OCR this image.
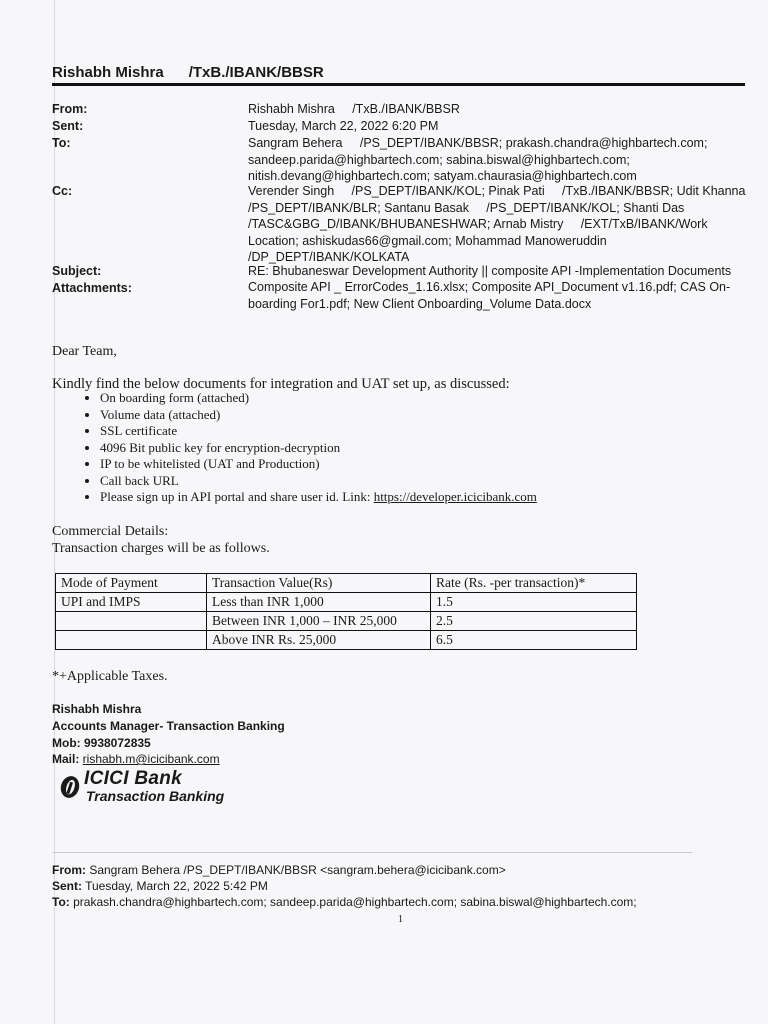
Rishabh Mishra /TxB./IBANK/BBSR
From:	Rishabh Mishra     /TxB./IBANK/BBSR
Sent:	Tuesday, March 22, 2022 6:20 PM
To:	Sangram Behera     /PS_DEPT/IBANK/BBSR; prakash.chandra@highbartech.com; sandeep.parida@highbartech.com; sabina.biswal@highbartech.com; nitish.devang@highbartech.com; satyam.chaurasia@highbartech.com
Cc:	Verender Singh     /PS_DEPT/IBANK/KOL; Pinak Pati     /TxB./IBANK/BBSR; Udit Khanna /PS_DEPT/IBANK/BLR; Santanu Basak     /PS_DEPT/IBANK/KOL; Shanti Das /TASC&GBG_D/IBANK/BHUBANESHWAR; Arnab Mistry     /EXT/TxB/IBANK/Work Location; ashiskudas66@gmail.com; Mohammad Manoweruddin /DP_DEPT/IBANK/KOLKATA
Subject:	RE: Bhubaneswar Development Authority || composite API -Implementation Documents
Attachments:	Composite API _ ErrorCodes_1.16.xlsx; Composite API_Document v1.16.pdf; CAS On-boarding For1.pdf; New Client Onboarding_Volume Data.docx
Dear Team,
Kindly find the below documents for integration and UAT set up, as discussed:
• On boarding form (attached)
• Volume data (attached)
• SSL certificate
• 4096 Bit public key for encryption-decryption
• IP to be whitelisted (UAT and Production)
• Call back URL
• Please sign up in API portal and share user id. Link: https://developer.icicibank.com
Commercial Details:
Transaction charges will be as follows.
Mode of Payment	Transaction Value(Rs)	Rate (Rs. -per transaction)*
UPI and IMPS	Less than INR 1,000	1.5
	Between INR 1,000 – INR 25,000	2.5
	Above INR Rs. 25,000	6.5
*+Applicable Taxes.
Rishabh Mishra
Accounts Manager- Transaction Banking
Mob: 9938072835
Mail: rishabh.m@icicibank.com
ICICI Bank
Transaction Banking
From: Sangram Behera /PS_DEPT/IBANK/BBSR <sangram.behera@icicibank.com>
Sent: Tuesday, March 22, 2022 5:42 PM
To: prakash.chandra@highbartech.com; sandeep.parida@highbartech.com; sabina.biswal@highbartech.com;
1
